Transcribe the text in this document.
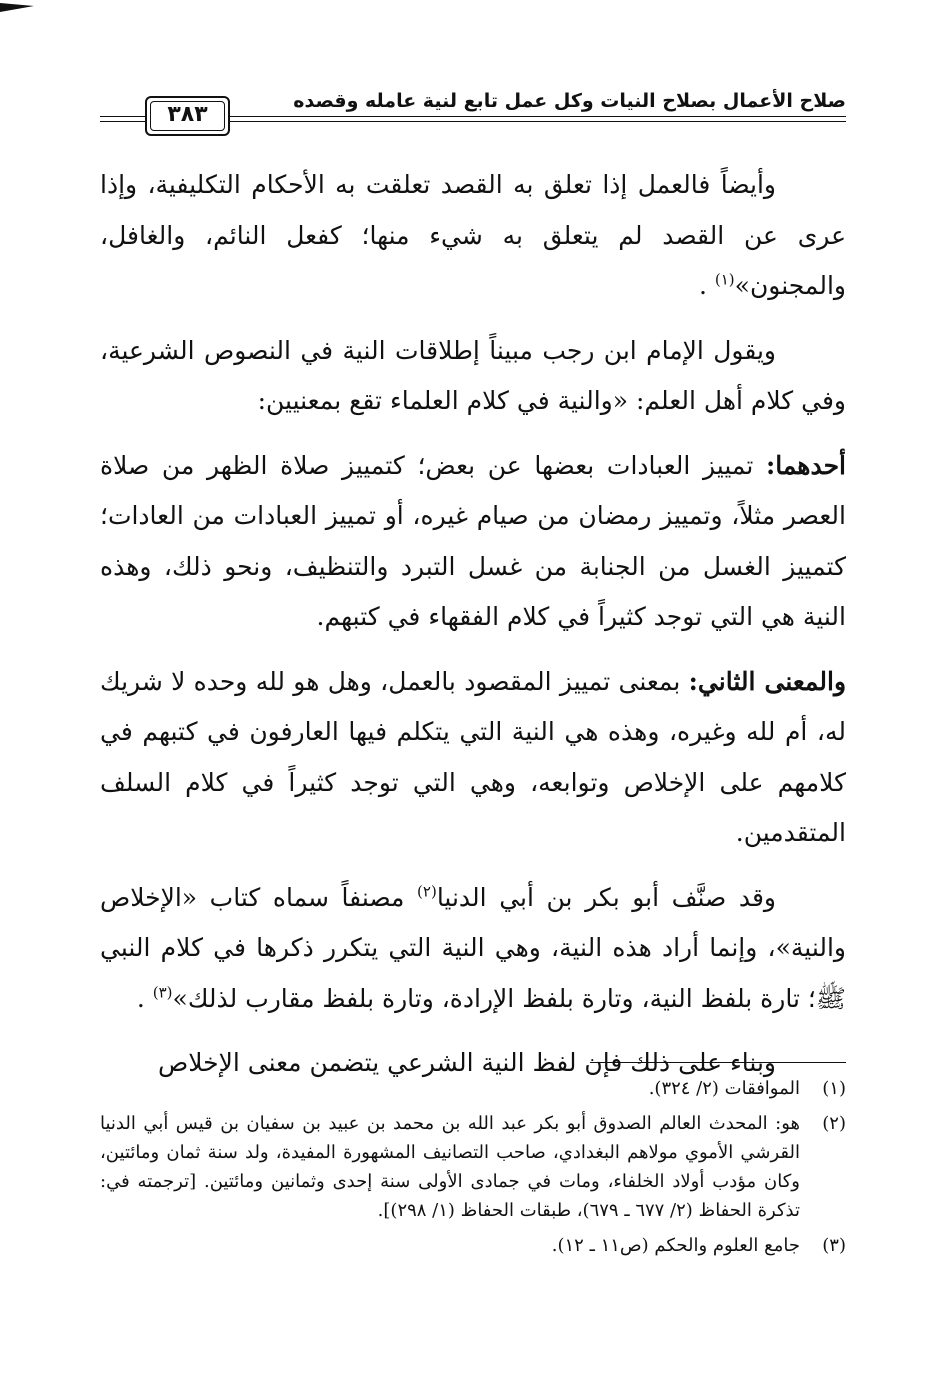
صلاح الأعمال بصلاح النيات وكل عمل تابع لنية عامله وقصده
٣٨٣

وأيضاً فالعمل إذا تعلق به القصد تعلقت به الأحكام التكليفية، وإذا عرى عن القصد لم يتعلق به شيء منها؛ كفعل النائم، والغافل، والمجنون»$^{(١)}$ .

ويقول الإمام ابن رجب مبيناً إطلاقات النية في النصوص الشرعية، وفي كلام أهل العلم: «والنية في كلام العلماء تقع بمعنيين:

أحدهما: تمييز العبادات بعضها عن بعض؛ كتمييز صلاة الظهر من صلاة العصر مثلاً، وتمييز رمضان من صيام غيره، أو تمييز العبادات من العادات؛ كتمييز الغسل من الجنابة من غسل التبرد والتنظيف، ونحو ذلك، وهذه النية هي التي توجد كثيراً في كلام الفقهاء في كتبهم.

والمعنى الثاني: بمعنى تمييز المقصود بالعمل، وهل هو لله وحده لا شريك له، أم لله وغيره، وهذه هي النية التي يتكلم فيها العارفون في كتبهم في كلامهم على الإخلاص وتوابعه، وهي التي توجد كثيراً في كلام السلف المتقدمين.

وقد صنَّف أبو بكر بن أبي الدنيا$^{(٢)}$ مصنفاً سماه كتاب «الإخلاص والنية»، وإنما أراد هذه النية، وهي النية التي يتكرر ذكرها في كلام النبي ﷺ؛ تارة بلفظ النية، وتارة بلفظ الإرادة، وتارة بلفظ مقارب لذلك»$^{(٣)}$ .

وبناء على ذلك فإن لفظ النية الشرعي يتضمن معنى الإخلاص

(١)
الموافقات (٢/ ٣٢٤).
(٢)
هو: المحدث العالم الصدوق أبو بكر عبد الله بن محمد بن عبيد بن سفيان بن قيس أبي الدنيا القرشي الأموي مولاهم البغدادي، صاحب التصانيف المشهورة المفيدة، ولد سنة ثمان ومائتين، وكان مؤدب أولاد الخلفاء، ومات في جمادى الأولى سنة إحدى وثمانين ومائتين. [ترجمته في: تذكرة الحفاظ (٢/ ٦٧٧ ـ ٦٧٩)، طبقات الحفاظ (١/ ٢٩٨)].
(٣)
جامع العلوم والحكم (ص١١ ـ ١٢).
